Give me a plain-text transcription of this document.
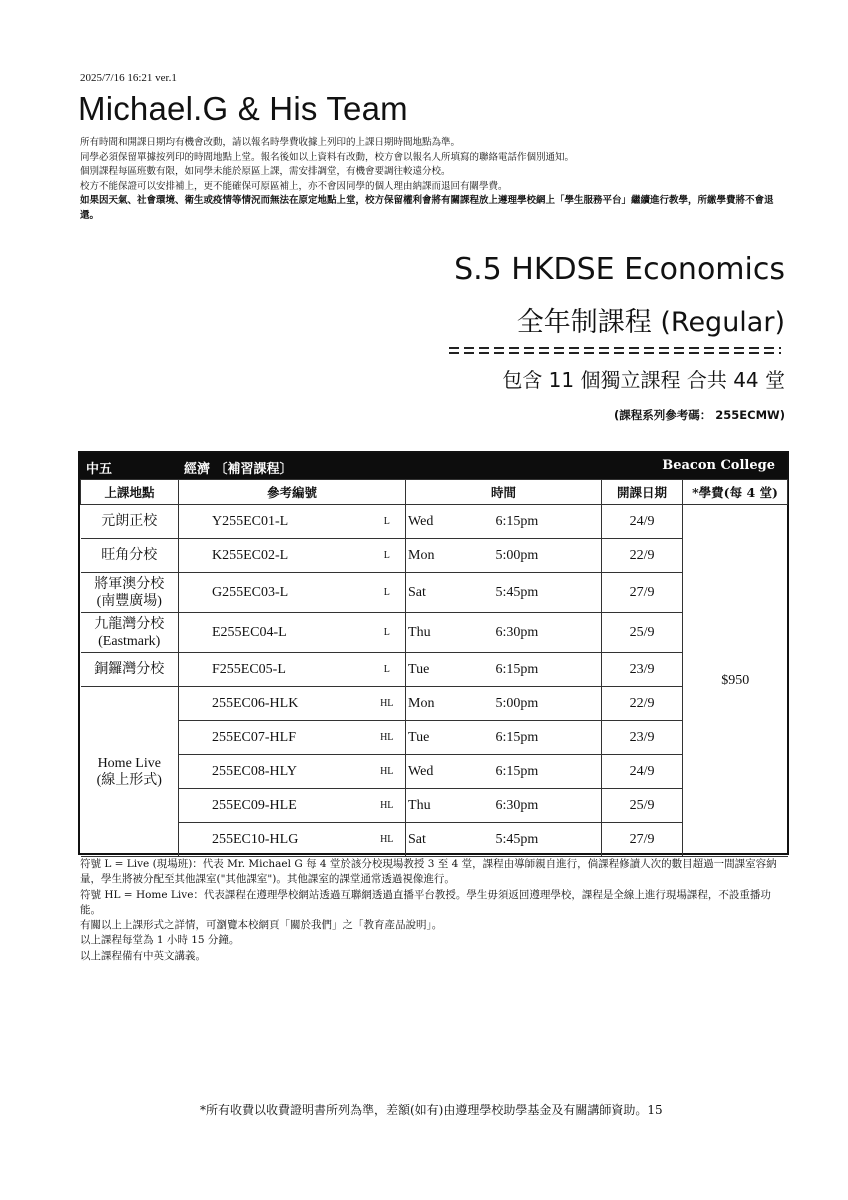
2025/7/16 16:21 ver.1
Michael.G & His Team
所有時間和開課日期均有機會改動，請以報名時學費收據上列印的上課日期時間地點為準。
同學必須保留單據按列印的時間地點上堂。報名後如以上資料有改動，校方會以報名人所填寫的聯絡電話作個別通知。
個別課程每區班數有限，如同學未能於原區上課，需安排調堂，有機會要調往較遠分校。
校方不能保證可以安排補上，更不能確保可原區補上，亦不會因同學的個人理由納課而退回有關學費。
如果因天氣、社會環境、衛生或疫情等情況而無法在原定地點上堂，校方保留權利會將有關課程放上遵理學校網上「學生服務平台」繼續進行教學，所繳學費將不會退還。
S.5 HKDSE Economics
全年制課程 (Regular)
包含 11 個獨立課程 合共 44 堂
(課程系列參考碼： 255ECMW)
中五	經濟 〔補習課程〕	Beacon College
上課地點	參考編號		時間		開課日期	*學費(每 4 堂)
元朗正校	Y255EC01-L	L	Wed	6:15pm	24/9	$950
旺角分校	K255EC02-L	L	Mon	5:00pm	22/9	
將軍澳分校
(南豐廣場)	G255EC03-L	L	Sat	5:45pm	27/9	
九龍灣分校
(Eastmark)	E255EC04-L	L	Thu	6:30pm	25/9	
銅鑼灣分校	F255EC05-L	L	Tue	6:15pm	23/9	
Home Live
(線上形式)	255EC06-HLK	HL	Mon	5:00pm	22/9	
	255EC07-HLF	HL	Tue	6:15pm	23/9	
	255EC08-HLY	HL	Wed	6:15pm	24/9	
	255EC09-HLE	HL	Thu	6:30pm	25/9	
	255EC10-HLG	HL	Sat	5:45pm	27/9	
符號 L = Live (現場班)：代表 Mr. Michael G 每 4 堂於該分校現場教授 3 至 4 堂，課程由導師親自進行，倘課程修讀人次的數目超過一間課室容納量，學生將被分配至其他課室("其他課室")。其他課室的課堂通常透過視像進行。
符號 HL = Home Live：代表課程在遵理學校網站透過互聯網透過直播平台教授。學生毋須返回遵理學校，課程是全線上進行現場課程，不設重播功能。
有關以上上課形式之詳情，可瀏覽本校網頁「關於我們」之「教育產品說明」。
以上課程每堂為 1 小時 15 分鐘。
以上課程備有中英文講義。
*所有收費以收費證明書所列為準，差額(如有)由遵理學校助學基金及有關講師資助。15
